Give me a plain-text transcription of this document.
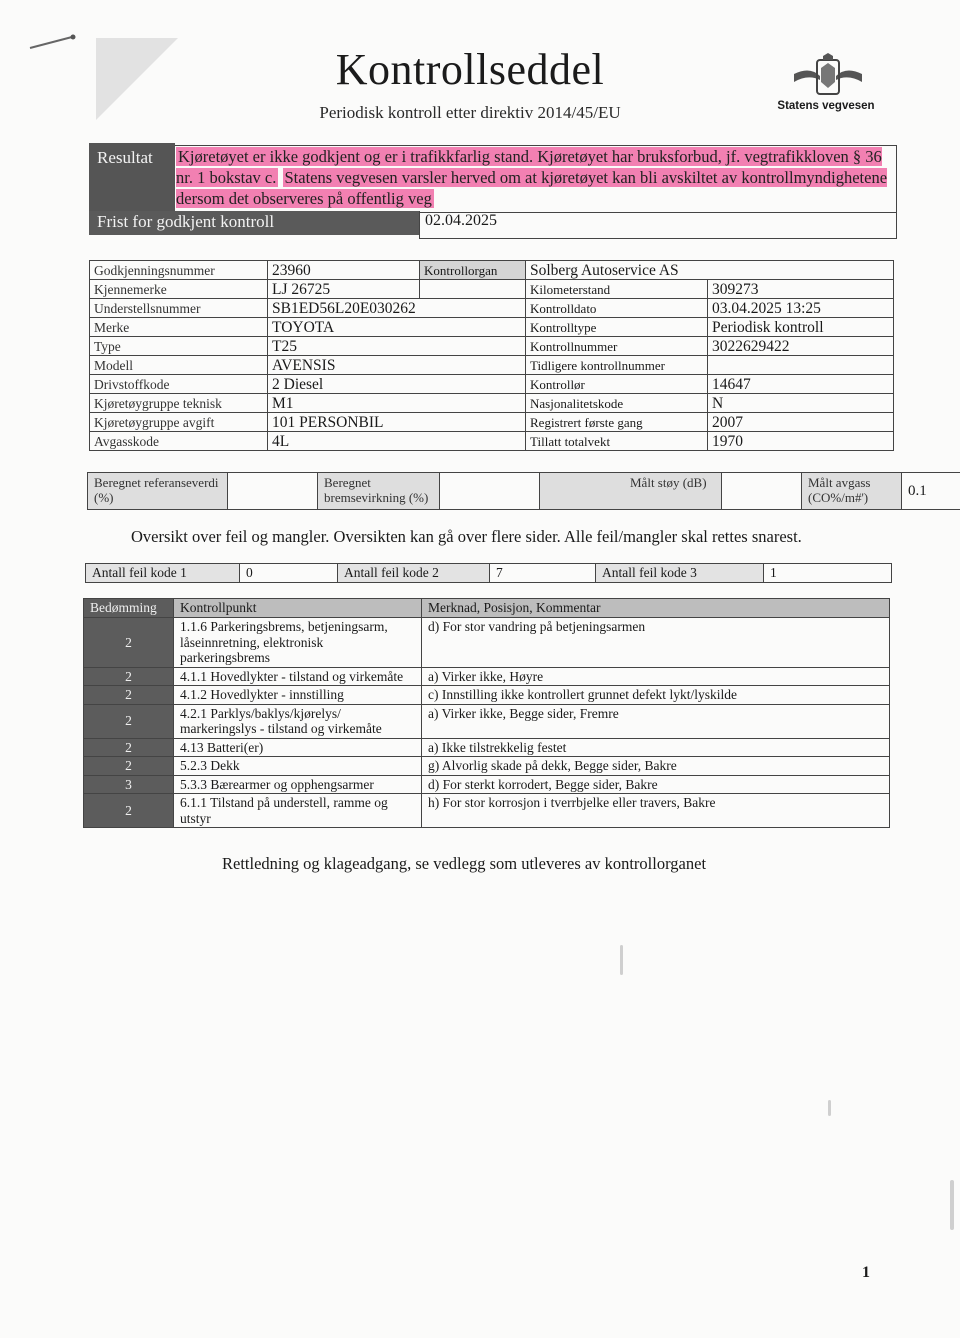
Kontrollseddel
Periodisk kontroll etter direktiv 2014/45/EU	Statens vegvesen
Resultat	Kjøretøyet er ikke godkjent og er i trafikkfarlig stand. Kjøretøyet har bruksforbud, jf. vegtrafikkloven § 36 nr. 1 bokstav c. Statens vegvesen varsler herved om at kjøretøyet kan bli avskiltet av kontrollmyndighetene dersom det observeres på offentlig veg
Frist for godkjent kontroll	02.04.2025
Godkjenningsnummer	23960	Kontrollorgan	Solberg Autoservice AS	
Kjennemerke	LJ 26725		Kilometerstand	309273
Understellsnummer	SB1ED56L20E030262		Kontrolldato	03.04.2025 13:25
Merke	TOYOTA		Kontrolltype	Periodisk kontroll
Type	T25		Kontrollnummer	3022629422
Modell	AVENSIS		Tidligere kontrollnummer	
Drivstoffkode	2 Diesel		Kontrollør	14647
Kjøretøygruppe teknisk	M1		Nasjonalitetskode	N
Kjøretøygruppe avgift	101 PERSONBIL		Registrert første gang	2007
Avgasskode	4L		Tillatt totalvekt	1970
Beregnet referanseverdi (%)		Beregnet bremsevirkning (%)		Målt støy (dB)		Målt avgass (CO%/m#')	0.1
Oversikt over feil og mangler. Oversikten kan gå over flere sider. Alle feil/mangler skal rettes snarest.
Antall feil kode 1	0	Antall feil kode 2	7	Antall feil kode 3	1
Bedømming	Kontrollpunkt	Merknad, Posisjon, Kommentar
2	1.1.6 Parkeringsbrems, betjeningsarm, låseinnretning, elektronisk parkeringsbrems	d) For stor vandring på betjeningsarmen
2	4.1.1 Hovedlykter - tilstand og virkemåte	a) Virker ikke, Høyre
2	4.1.2 Hovedlykter - innstilling	c) Innstilling ikke kontrollert grunnet defekt lykt/lyskilde
2	4.2.1 Parklys/baklys/kjørelys/ markeringslys - tilstand og virkemåte	a) Virker ikke, Begge sider, Fremre
2	4.13 Batteri(er)	a) Ikke tilstrekkelig festet
2	5.2.3 Dekk	g) Alvorlig skade på dekk, Begge sider, Bakre
3	5.3.3 Bærearmer og opphengsarmer	d) For sterkt korrodert, Begge sider, Bakre
2	6.1.1 Tilstand på understell, ramme og utstyr	h) For stor korrosjon i tverrbjelke eller travers, Bakre
Rettledning og klageadgang, se vedlegg som utleveres av kontrollorganet
1
